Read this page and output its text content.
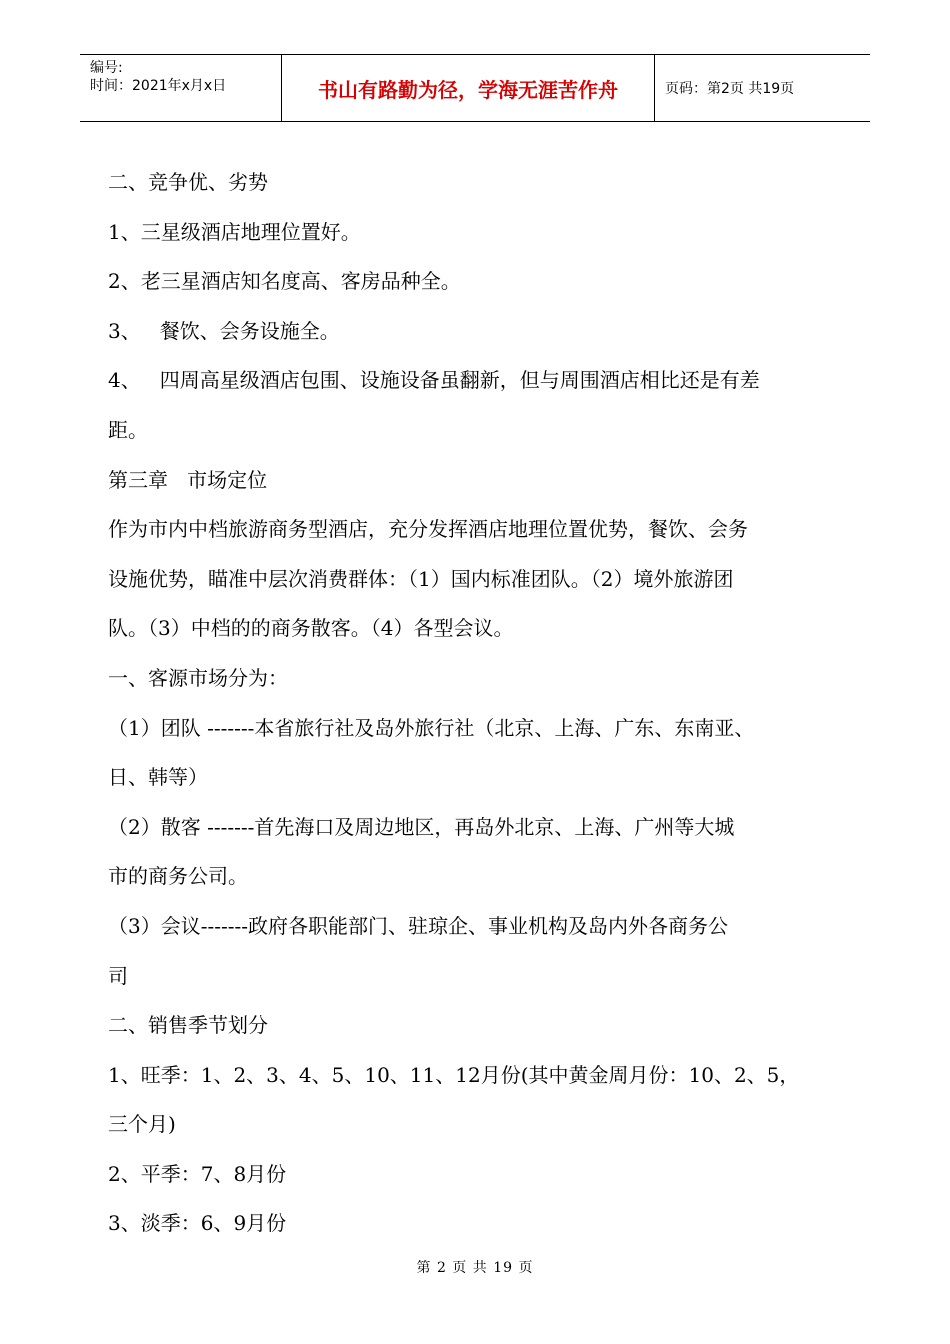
编号:
时间：2021年x月x日	书山有路勤为径，学海无涯苦作舟	页码：第2页 共19页

二、竞争优、劣势

1、三星级酒店地理位置好。

2、老三星酒店知名度高、客房品种全。

3、   餐饮、会务设施全。

4、   四周高星级酒店包围、设施设备虽翻新，但与周围酒店相比还是有差

距。

第三章   市场定位

作为市内中档旅游商务型酒店，充分发挥酒店地理位置优势，餐饮、会务

设施优势，瞄准中层次消费群体：（1）国内标准团队。（2）境外旅游团

队。（3）中档的的商务散客。（4）各型会议。

一、客源市场分为：

（1）团队 -------本省旅行社及岛外旅行社（北京、上海、广东、东南亚、

日、韩等）

（2）散客 -------首先海口及周边地区，再岛外北京、上海、广州等大城

市的商务公司。

（3）会议-------政府各职能部门、驻琼企、事业机构及岛内外各商务公

司

二、销售季节划分

1、旺季：1、2、3、4、5、10、11、12月份(其中黄金周月份：10、2、5，

三个月)

2、平季：7、8月份

3、淡季：6、9月份

第 2 页 共 19 页
